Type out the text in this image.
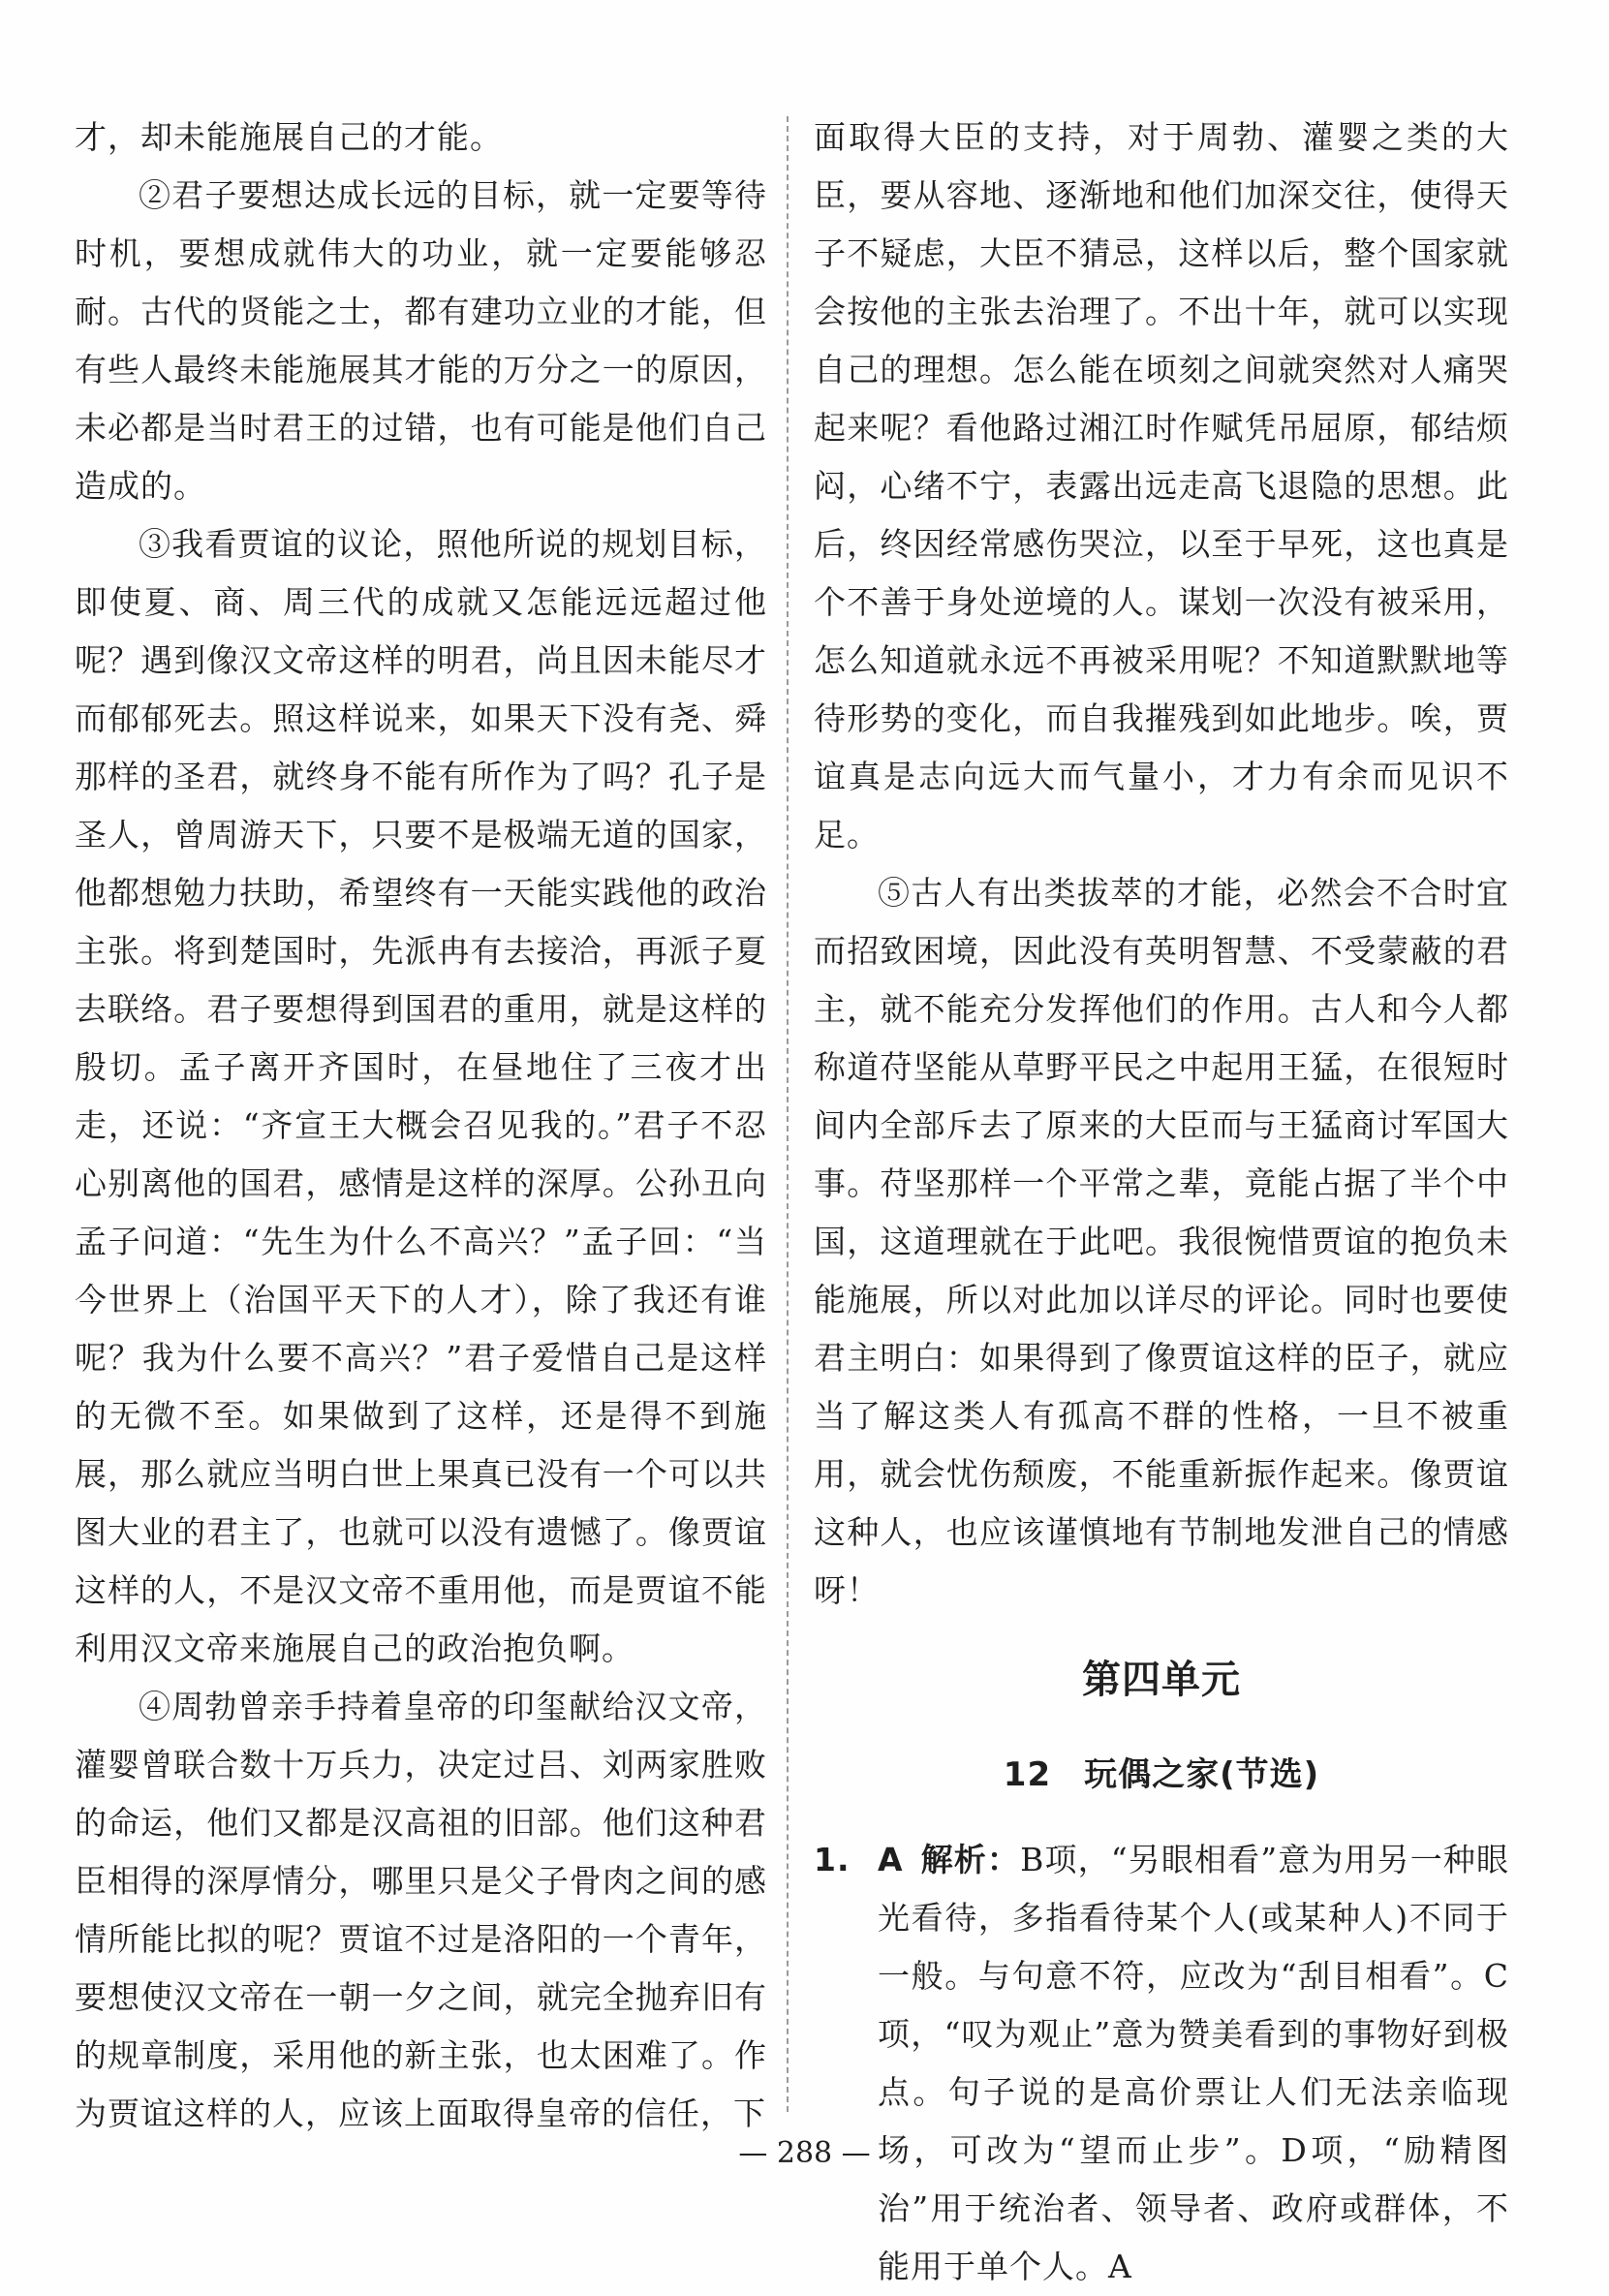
才，却未能施展自己的才能。

②君子要想达成长远的目标，就一定要等待时机，要想成就伟大的功业，就一定要能够忍耐。古代的贤能之士，都有建功立业的才能，但有些人最终未能施展其才能的万分之一的原因，未必都是当时君王的过错，也有可能是他们自己造成的。

③我看贾谊的议论，照他所说的规划目标，即使夏、商、周三代的成就又怎能远远超过他呢？遇到像汉文帝这样的明君，尚且因未能尽才而郁郁死去。照这样说来，如果天下没有尧、舜那样的圣君，就终身不能有所作为了吗？孔子是圣人，曾周游天下，只要不是极端无道的国家，他都想勉力扶助，希望终有一天能实践他的政治主张。将到楚国时，先派冉有去接洽，再派子夏去联络。君子要想得到国君的重用，就是这样的殷切。孟子离开齐国时，在昼地住了三夜才出走，还说：“齐宣王大概会召见我的。”君子不忍心别离他的国君，感情是这样的深厚。公孙丑向孟子问道：“先生为什么不高兴？”孟子回：“当今世界上（治国平天下的人才），除了我还有谁呢？我为什么要不高兴？”君子爱惜自己是这样的无微不至。如果做到了这样，还是得不到施展，那么就应当明白世上果真已没有一个可以共图大业的君主了，也就可以没有遗憾了。像贾谊这样的人，不是汉文帝不重用他，而是贾谊不能利用汉文帝来施展自己的政治抱负啊。

④周勃曾亲手持着皇帝的印玺献给汉文帝，灌婴曾联合数十万兵力，决定过吕、刘两家胜败的命运，他们又都是汉高祖的旧部。他们这种君臣相得的深厚情分，哪里只是父子骨肉之间的感情所能比拟的呢？贾谊不过是洛阳的一个青年，要想使汉文帝在一朝一夕之间，就完全抛弃旧有的规章制度，采用他的新主张，也太困难了。作为贾谊这样的人，应该上面取得皇帝的信任，下

面取得大臣的支持，对于周勃、灌婴之类的大臣，要从容地、逐渐地和他们加深交往，使得天子不疑虑，大臣不猜忌，这样以后，整个国家就会按他的主张去治理了。不出十年，就可以实现自己的理想。怎么能在顷刻之间就突然对人痛哭起来呢？看他路过湘江时作赋凭吊屈原，郁结烦闷，心绪不宁，表露出远走高飞退隐的思想。此后，终因经常感伤哭泣，以至于早死，这也真是个不善于身处逆境的人。谋划一次没有被采用，怎么知道就永远不再被采用呢？不知道默默地等待形势的变化，而自我摧残到如此地步。唉，贾谊真是志向远大而气量小，才力有余而见识不足。

⑤古人有出类拔萃的才能，必然会不合时宜而招致困境，因此没有英明智慧、不受蒙蔽的君主，就不能充分发挥他们的作用。古人和今人都称道苻坚能从草野平民之中起用王猛，在很短时间内全部斥去了原来的大臣而与王猛商讨军国大事。苻坚那样一个平常之辈，竟能占据了半个中国，这道理就在于此吧。我很惋惜贾谊的抱负未能施展，所以对此加以详尽的评论。同时也要使君主明白：如果得到了像贾谊这样的臣子，就应当了解这类人有孤高不群的性格，一旦不被重用，就会忧伤颓废，不能重新振作起来。像贾谊这种人，也应该谨慎地有节制地发泄自己的情感呀！

第四单元
12 玩偶之家(节选)
1. A 解析：B项，“另眼相看”意为用另一种眼光看待，多指看待某个人(或某种人)不同于一般。与句意不符，应改为“刮目相看”。C项，“叹为观止”意为赞美看到的事物好到极点。句子说的是高价票让人们无法亲临现场，可改为“望而止步”。D项，“励精图治”用于统治者、领导者、政府或群体，不能用于单个人。A
— 288 —
